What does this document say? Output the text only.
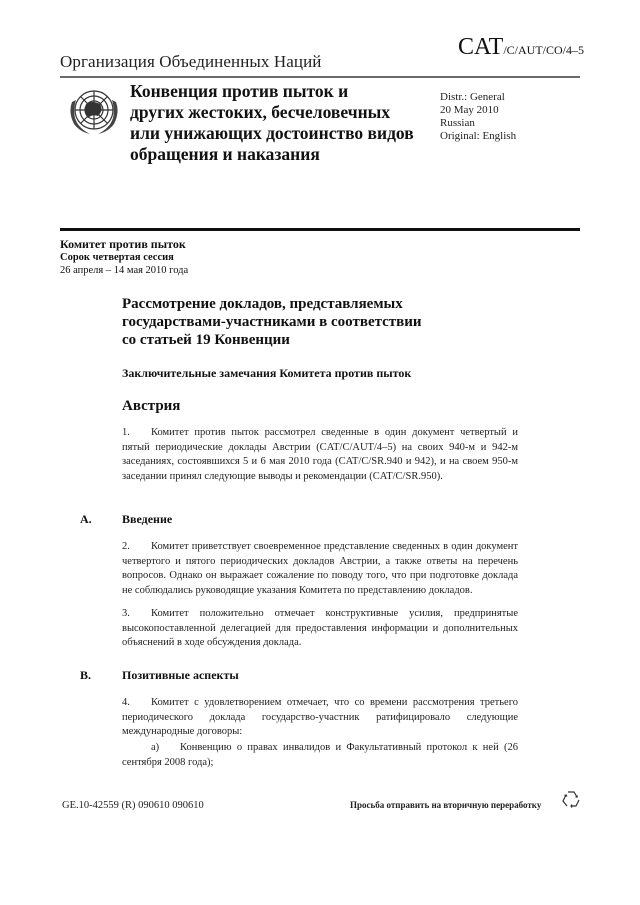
Организация Объединенных Наций
CAT/C/AUT/CO/4–5
Конвенция против пыток и
других жестоких, бесчеловечных
или унижающих достоинство видов
обращения и наказания
Distr.: General
20 May 2010
Russian
Original: English
Комитет против пыток
Сорок четвертая сессия
26 апреля – 14 мая 2010 года
Рассмотрение докладов, представляемых
государствами-участниками в соответствии
со статьей 19 Конвенции
Заключительные замечания Комитета против пыток
Австрия
1. Комитет против пыток рассмотрел сведенные в один документ четвертый и пятый периодические доклады Австрии (CAT/C/AUT/4–5) на своих 940-м и 942-м заседаниях, состоявшихся 5 и 6 мая 2010 года (CAT/C/SR.940 и 942), и на своем 950-м заседании принял следующие выводы и рекомендации (CAT/C/SR.950).
A.	Введение
2. Комитет приветствует своевременное представление сведенных в один документ четвертого и пятого периодических докладов Австрии, а также ответы на перечень вопросов. Однако он выражает сожаление по поводу того, что при подготовке доклада не соблюдались руководящие указания Комитета по представлению докладов.
3. Комитет положительно отмечает конструктивные усилия, предпринятые высокопоставленной делегацией для предоставления информации и дополнительных объяснений в ходе обсуждения доклада.
B.	Позитивные аспекты
4. Комитет с удовлетворением отмечает, что со времени рассмотрения третьего периодического доклада государство-участник ратифицировало следующие международные договоры:
a) Конвенцию о правах инвалидов и Факультативный протокол к ней (26 сентября 2008 года);
GE.10-42559 (R) 090610 090610	Просьба отправить на вторичную переработку
